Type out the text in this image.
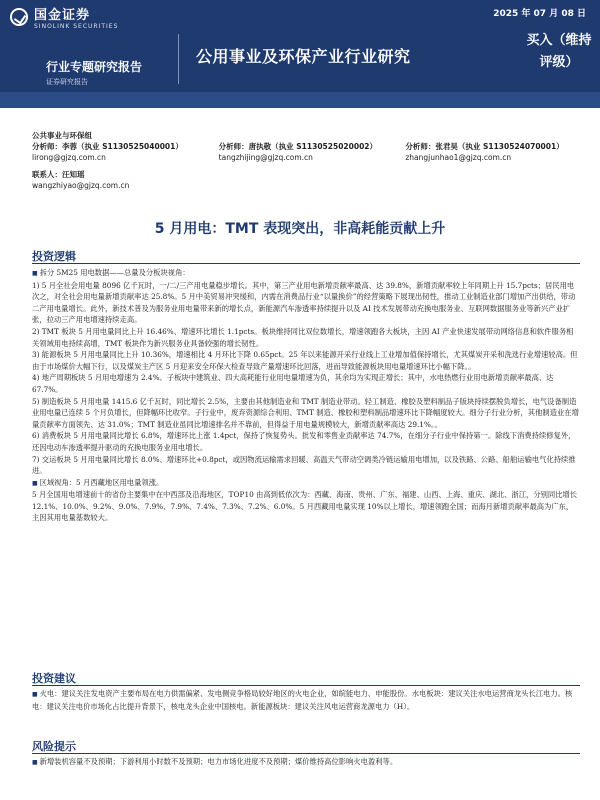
国金证券
SINOLINK SECURITIES
2025 年 07 月 08 日
行业专题研究报告
证券研究报告
公用事业及环保产业行业研究
买入（维持评级）
公共事业与环保组
分析师：李蓉（执业 S1130525040001）
lirong@gjzq.com.cn
分析师：唐执敬（执业 S1130525020002）
tangzhijing@gjzq.com.cn
分析师：张君昊（执业 S1130524070001）
zhangjunhao1@gjzq.com.cn
联系人：汪知瑶
wangzhiyao@gjzq.com.cn
5 月用电：TMT 表现突出，非高耗能贡献上升
投资逻辑

■ 拆分 5M25 用电数据——总量及分板块视角：

1) 5 月全社会用电量 8096 亿千瓦时，一/二/三产用电量稳步增长。其中，第三产业用电新增贡献率最高、达 39.8%，新增贡献率较上年同期上升 15.7pcts；居民用电次之，对全社会用电量新增贡献率达 25.8%。5 月中美贸易冲突缓和，内需在消费品行业“以量换价”的经营策略下展现出韧性，推动工业制造业部门增加产出供给，带动二产用电量增长。此外，新技术普及为服务业用电量带来新的增长点，新能源汽车渗透率持续提升以及 AI 技术发展带动充换电服务业、互联网数据服务业等新兴产业扩张，拉动三产用电增速持续走高。

2) TMT 板块 5 月用电量同比上升 16.46%、增速环比增长 1.1pcts。板块维持同比双位数增长，增速领跑各大板块，主因 AI 产业快速发展带动网络信息和软件服务相关领域用电持续高增，TMT 板块作为新兴服务业具备较强的增长韧性。

3) 能源板块 5 月用电量同比上升 10.36%，增速相比 4 月环比下降 0.65pct。25 年以来能源开采行业线上工业增加值保持增长，尤其煤炭开采和洗选行业增速较高。但由于市场煤价大幅下行，以及煤炭主产区 5 月迎来安全环保大检查导致产量增速环比回落，进而导致能源板块用电量增速环比小幅下降。。

4) 地产周期板块 5 月用电增速为 2.4%。子板块中建筑业、四大高耗能行业用电量增速为负，其余均为实现正增长；其中，水电热燃行业用电新增贡献率最高、达 67.7%。

5) 制造板块 5 月用电量 1415.6 亿千瓦时，同比增长 2.5%，主要由其他制造业和 TMT 制造业带动。轻工制造、橡胶及塑料制品子版块持续摆脱负增长，电气设备制造业用电量已连续 5 个月负增长，但降幅环比收窄。子行业中，废弃资源综合利用、TMT 制造、橡胶和塑料制品增速环比下降幅度较大。细分子行业分析，其他制造业在增量贡献率方面领先、达 31.0%；TMT 制造业虽同比增速排名并不靠前，但得益于用电量规模较大，新增贡献率高达 29.1%。。

6) 消费板块 5 月用电量同比增长 6.8%，增速环比上涨 1.4pct，保持了恢复势头。批发和零售业贡献率达 74.7%，在细分子行业中保持第一。除线下消费持续修复外，还因电动车渗透率提升驱动的充换电服务业用电增长。

7) 交运板块 5 月用电量同比增长 8.0%、增速环比+0.8pct，或因物流运输需求回暖、高温天气带动空调类冷链运输用电增加，以及铁路、公路、船舶运输电气化持续推进。

■ 区域视角：5 月西藏地区用电量领涨。

5 月全国用电增速前十的省份主要集中在中西部及沿海地区，TOP10 由高到低依次为：西藏、海南、贵州、广东、福建、山西、上海、重庆、湖北、浙江，分别同比增长 12.1%、10.0%、9.2%、9.0%、7.9%、7.9%、7.4%、7.3%、7.2%、6.0%。5 月西藏用电量实现 10%以上增长，增速领跑全国；而海月新增贡献率最高为广东，主因其用电量基数较大。

投资建议

■ 火电：建议关注发电资产主要布局在电力供需偏紧、发电侧竞争格局较好地区的火电企业，如皖能电力、申能股份。水电板块：建议关注水电运营商龙头长江电力。核电：建议关注电价市场化占比提升背景下，核电龙头企业中国核电。新能源板块：建议关注风电运营商龙源电力（H）。

风险提示

■ 新增装机容量不及预期；下游利用小时数不及预期；电力市场化进度不及预期；煤价维持高位影响火电盈利等。
